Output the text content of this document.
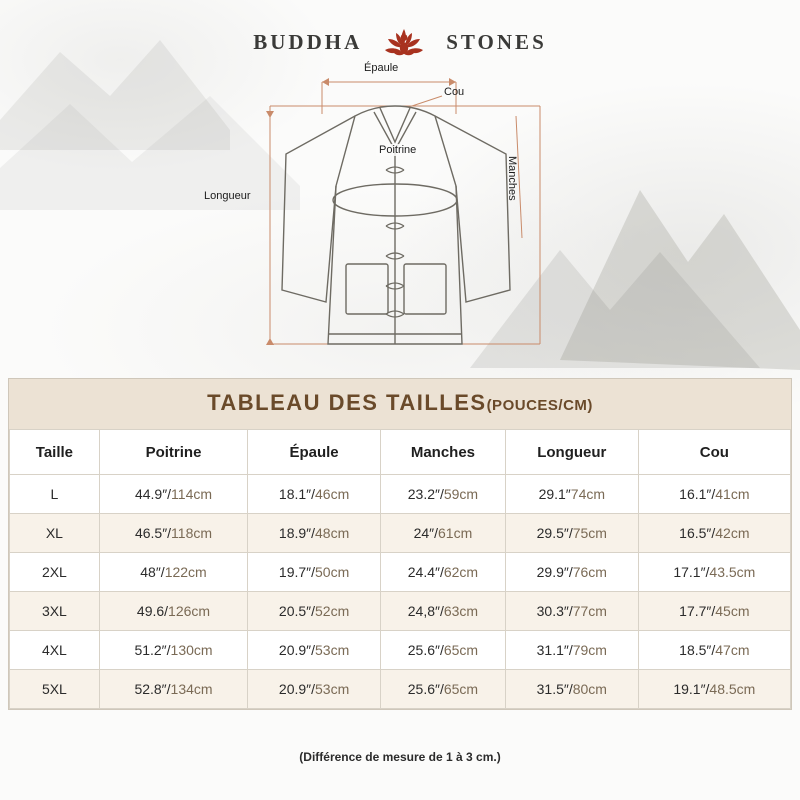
BUDDHA	STONES
Épaule
Cou
Poitrine
Manches
Longueur
TABLEAU DES TAILLES(POUCES/CM)
Taille	Poitrine	Épaule	Manches	Longueur	Cou
L	44.9″/114cm	18.1″/46cm	23.2″/59cm	29.1″74cm	16.1″/41cm
XL	46.5″/118cm	18.9″/48cm	24″/61cm	29.5″/75cm	16.5″/42cm
2XL	48″/122cm	19.7″/50cm	24.4″/62cm	29.9″/76cm	17.1″/43.5cm
3XL	49.6/126cm	20.5″/52cm	24,8″/63cm	30.3″/77cm	17.7″/45cm
4XL	51.2″/130cm	20.9″/53cm	25.6″/65cm	31.1″/79cm	18.5″/47cm
5XL	52.8″/134cm	20.9″/53cm	25.6″/65cm	31.5″/80cm	19.1″/48.5cm
(Différence de mesure de 1 à 3 cm.)
